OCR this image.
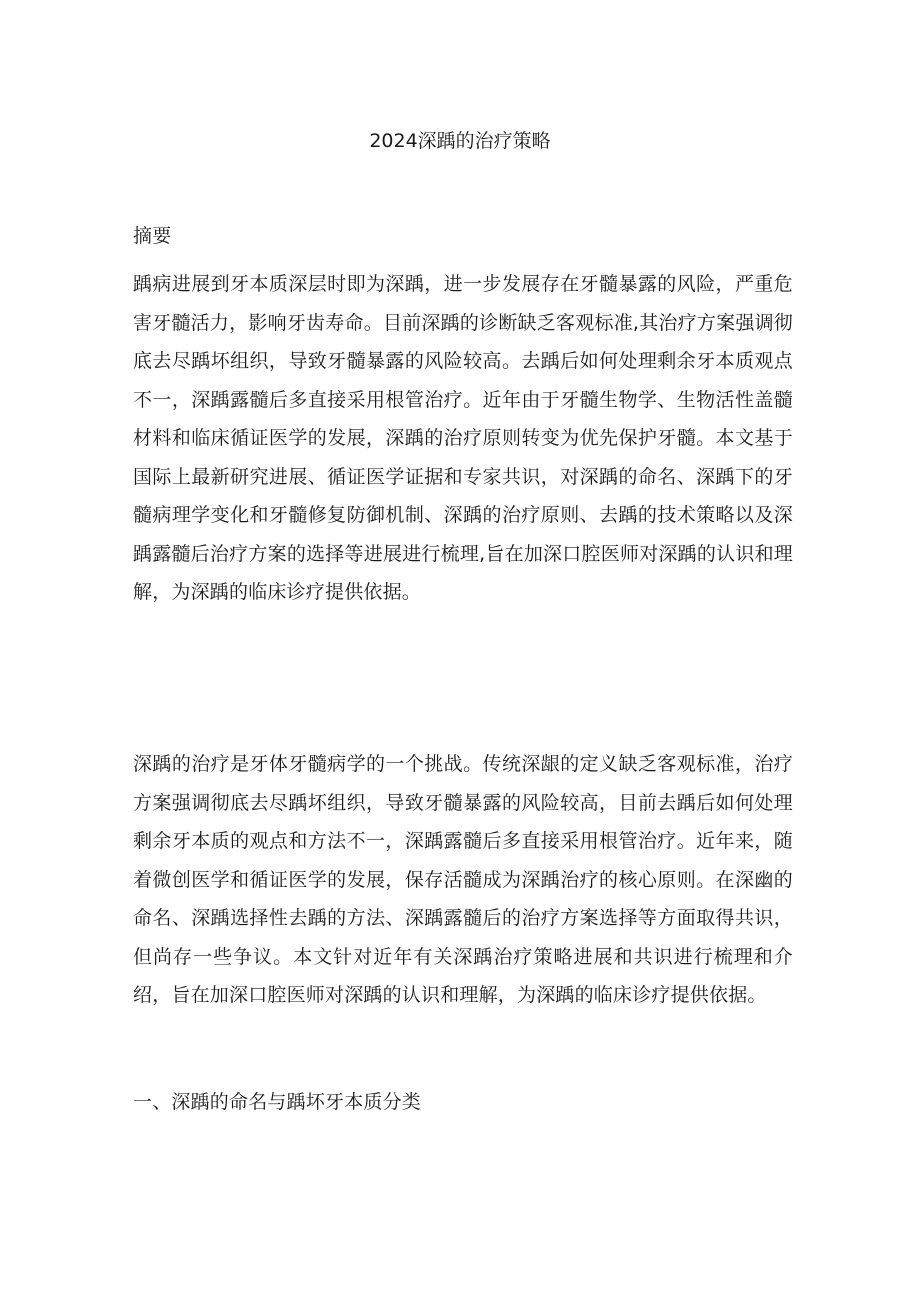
2024深踽的治疗策略

摘要

踽病进展到牙本质深层时即为深踽，进一步发展存在牙髓暴露的风险，严重危害牙髓活力，影响牙齿寿命。目前深踽的诊断缺乏客观标准,其治疗方案强调彻底去尽踽坏组织，导致牙髓暴露的风险较高。去踽后如何处理剩余牙本质观点不一，深踽露髓后多直接采用根管治疗。近年由于牙髓生物学、生物活性盖髓材料和临床循证医学的发展，深踽的治疗原则转变为优先保护牙髓。本文基于国际上最新研究进展、循证医学证据和专家共识，对深踽的命名、深踽下的牙髓病理学变化和牙髓修复防御机制、深踽的治疗原则、去踽的技术策略以及深踽露髓后治疗方案的选择等进展进行梳理,旨在加深口腔医师对深踽的认识和理解，为深踽的临床诊疗提供依据。

深踽的治疗是牙体牙髓病学的一个挑战。传统深龈的定义缺乏客观标准，治疗方案强调彻底去尽踽坏组织，导致牙髓暴露的风险较高，目前去踽后如何处理剩余牙本质的观点和方法不一，深踽露髓后多直接采用根管治疗。近年来，随着微创医学和循证医学的发展，保存活髓成为深踽治疗的核心原则。在深幽的命名、深踽选择性去踽的方法、深踽露髓后的治疗方案选择等方面取得共识，但尚存一些争议。本文针对近年有关深踽治疗策略进展和共识进行梳理和介绍，旨在加深口腔医师对深踽的认识和理解，为深踽的临床诊疗提供依据。

一、深踽的命名与踽坏牙本质分类
